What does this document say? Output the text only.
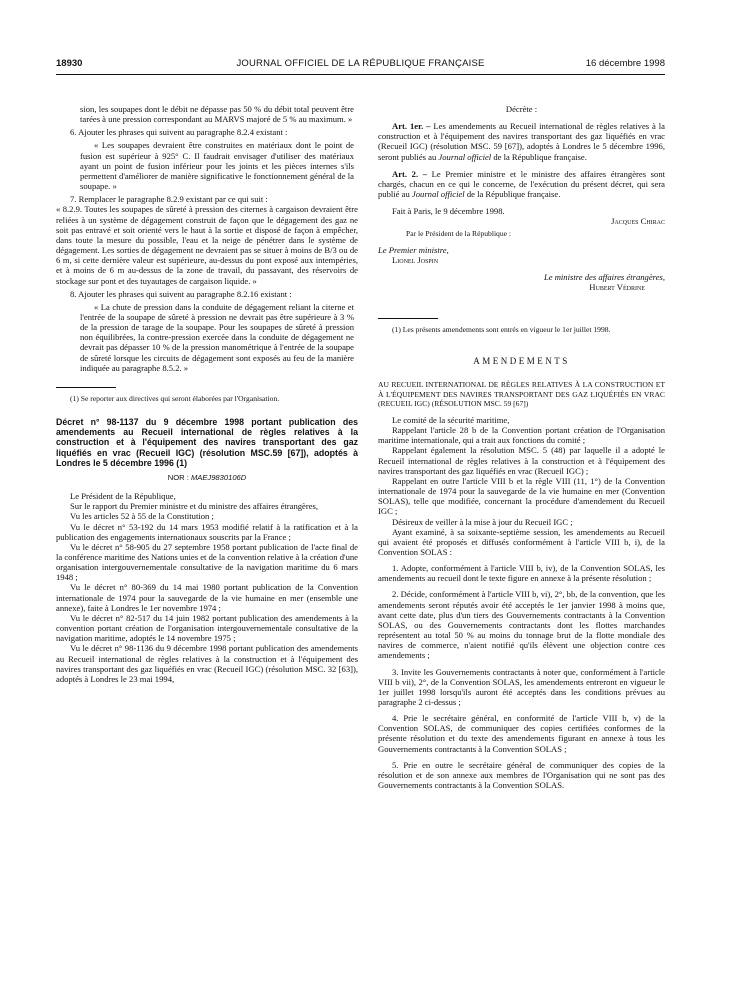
18930	JOURNAL OFFICIEL DE LA RÉPUBLIQUE FRANÇAISE	16 décembre 1998

sion, les soupapes dont le débit ne dépasse pas 50 % du débit total peuvent être tarées à une pression correspondant au MARVS majoré de 5 % au maximum. »

6. Ajouter les phrases qui suivent au paragraphe 8.2.4 existant :

« Les soupapes devraient être construites en matériaux dont le point de fusion est supérieur à 925° C. Il faudrait envisager d'utiliser des matériaux ayant un point de fusion inférieur pour les joints et les pièces internes s'ils permettent d'améliorer de manière significative le fonctionnement général de la soupape. »

7. Remplacer le paragraphe 8.2.9 existant par ce qui suit :

« 8.2.9. Toutes les soupapes de sûreté à pression des citernes à cargaison devraient être reliées à un système de dégagement construit de façon que le dégagement des gaz ne soit pas entravé et soit orienté vers le haut à la sortie et disposé de façon à empêcher, dans toute la mesure du possible, l'eau et la neige de pénétrer dans le système de dégagement. Les sorties de dégagement ne devraient pas se situer à moins de B/3 ou de 6 m, si cette dernière valeur est supérieure, au-dessus du pont exposé aux intempéries, et à moins de 6 m au-dessus de la zone de travail, du passavant, des réservoirs de stockage sur pont et des tuyautages de cargaison liquide. »

8. Ajouter les phrases qui suivent au paragraphe 8.2.16 existant :

« La chute de pression dans la conduite de dégagement reliant la citerne et l'entrée de la soupape de sûreté à pression ne devrait pas être supérieure à 3 % de la pression de tarage de la soupape. Pour les soupapes de sûreté à pression non équilibrées, la contre-pression exercée dans la conduite de dégagement ne devrait pas dépasser 10 % de la pression manométrique à l'entrée de la soupape de sûreté lorsque les circuits de dégagement sont exposés au feu de la manière indiquée au paragraphe 8.5.2. »

(1) Se reporter aux directives qui seront élaborées par l'Organisation.

Décret n° 98-1137 du 9 décembre 1998 portant publication des amendements au Recueil international de règles relatives à la construction et à l'équipement des navires transportant des gaz liquéfiés en vrac (Recueil IGC) (résolution MSC.59 [67]), adoptés à Londres le 5 décembre 1996 (1)

NOR : MAEJ9830106D

Le Président de la République,

Sur le rapport du Premier ministre et du ministre des affaires étrangères,

Vu les articles 52 à 55 de la Constitution ;

Vu le décret n° 53-192 du 14 mars 1953 modifié relatif à la ratification et à la publication des engagements internationaux souscrits par la France ;

Vu le décret n° 58-905 du 27 septembre 1958 portant publication de l'acte final de la conférence maritime des Nations unies et de la convention relative à la création d'une organisation intergouvernementale consultative de la navigation maritime du 6 mars 1948 ;

Vu le décret n° 80-369 du 14 mai 1980 portant publication de la Convention internationale de 1974 pour la sauvegarde de la vie humaine en mer (ensemble une annexe), faite à Londres le 1er novembre 1974 ;

Vu le décret n° 82-517 du 14 juin 1982 portant publication des amendements à la convention portant création de l'organisation intergouvernementale consultative de la navigation maritime, adoptés le 14 novembre 1975 ;

Vu le décret n° 98-1136 du 9 décembre 1998 portant publication des amendements au Recueil international de règles relatives à la construction et à l'équipement des navires transportant des gaz liquéfiés en vrac (Recueil IGC) (résolution MSC. 32 [63]), adoptés à Londres le 23 mai 1994,

Décrète :

Art. 1er. – Les amendements au Recueil international de règles relatives à la construction et à l'équipement des navires transportant des gaz liquéfiés en vrac (Recueil IGC) (résolution MSC. 59 [67]), adoptés à Londres le 5 décembre 1996, seront publiés au Journal officiel de la République française.

Art. 2. – Le Premier ministre et le ministre des affaires étrangères sont chargés, chacun en ce qui le concerne, de l'exécution du présent décret, qui sera publié au Journal officiel de la République française.

Fait à Paris, le 9 décembre 1998.

Jacques Chirac

Par le Président de la République :

Le Premier ministre,

Lionel Jospin

Le ministre des affaires étrangères,

Hubert Védrine

(1) Les présents amendements sont entrés en vigueur le 1er juillet 1998.

AMENDEMENTS

AU RECUEIL INTERNATIONAL DE RÈGLES RELATIVES À LA CONSTRUCTION ET À L'ÉQUIPEMENT DES NAVIRES TRANSPORTANT DES GAZ LIQUÉFIÉS EN VRAC (RECUEIL IGC) (RÉSOLUTION MSC. 59 [67])

Le comité de la sécurité maritime,

Rappelant l'article 28 b de la Convention portant création de l'Organisation maritime internationale, qui a trait aux fonctions du comité ;

Rappelant également la résolution MSC. 5 (48) par laquelle il a adopté le Recueil international de règles relatives à la construction et à l'équipement des navires transportant des gaz liquéfiés en vrac (Recueil IGC) ;

Rappelant en outre l'article VIII b et la règle VIII (11, 1°) de la Convention internationale de 1974 pour la sauvegarde de la vie humaine en mer (Convention SOLAS), telle que modifiée, concernant la procédure d'amendement du Recueil IGC ;

Désireux de veiller à la mise à jour du Recueil IGC ;

Ayant examiné, à sa soixante-septième session, les amendements au Recueil qui avaient été proposés et diffusés conformément à l'article VIII b, i), de la Convention SOLAS :

1. Adopte, conformément à l'article VIII b, iv), de la Convention SOLAS, les amendements au recueil dont le texte figure en annexe à la présente résolution ;

2. Décide, conformément à l'article VIII b, vi), 2°, bb, de la convention, que les amendements seront réputés avoir été acceptés le 1er janvier 1998 à moins que, avant cette date, plus d'un tiers des Gouvernements contractants à la Convention SOLAS, ou des Gouvernements contractants dont les flottes marchandes représentent au total 50 % au moins du tonnage brut de la flotte mondiale des navires de commerce, n'aient notifié qu'ils élèvent une objection contre ces amendements ;

3. Invite les Gouvernements contractants à noter que, conformément à l'article VIII b vii), 2°, de la Convention SOLAS, les amendements entreront en vigueur le 1er juillet 1998 lorsqu'ils auront été acceptés dans les conditions prévues au paragraphe 2 ci-dessus ;

4. Prie le secrétaire général, en conformité de l'article VIII b, v) de la Convention SOLAS, de communiquer des copies certifiées conformes de la présente résolution et du texte des amendements figurant en annexe à tous les Gouvernements contractants à la Convention SOLAS ;

5. Prie en outre le secrétaire général de communiquer des copies de la résolution et de son annexe aux membres de l'Organisation qui ne sont pas des Gouvernements contractants à la Convention SOLAS.
